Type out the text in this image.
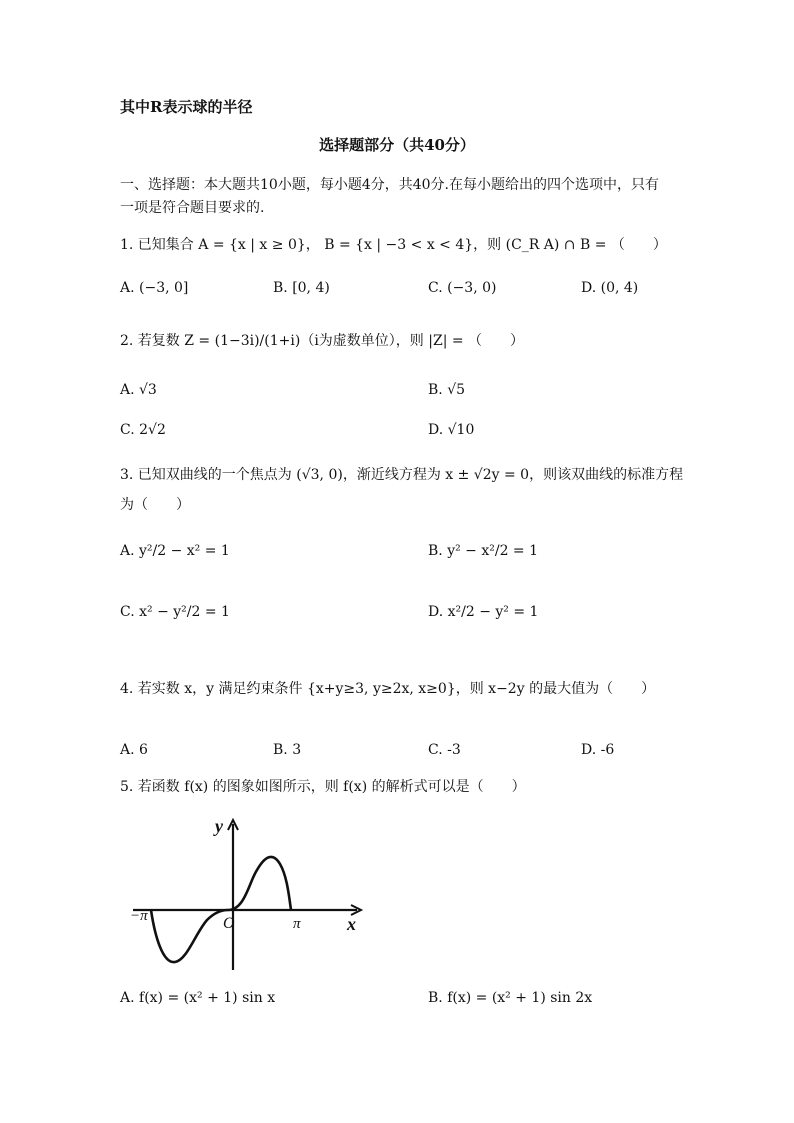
其中R表示球的半径
选择题部分（共40分）
一、选择题：本大题共10小题，每小题4分，共40分.在每小题给出的四个选项中，只有
一项是符合题目要求的.
1. 已知集合 A = {x | x ≥ 0}， B = {x | −3 < x < 4}，则 (C_R A) ∩ B = （　　）
A. (−3, 0]	B. [0, 4)	C. (−3, 0)	D. (0, 4)
2. 若复数 Z = (1−3i)/(1+i)（i为虚数单位），则 |Z| = （　　）
A. √3	B. √5
C. 2√2	D. √10
3. 已知双曲线的一个焦点为 (√3, 0)，渐近线方程为 x ± √2y = 0，则该双曲线的标准方程
为（　　）
A. y²/2 − x² = 1	B. y² − x²/2 = 1
C. x² − y²/2 = 1	D. x²/2 − y² = 1
4. 若实数 x，y 满足约束条件 {x+y≥3, y≥2x, x≥0}，则 x−2y 的最大值为（　　）
A. 6	B. 3	C. -3	D. -6
5. 若函数 f(x) 的图象如图所示，则 f(x) 的解析式可以是（　　）
y
x
O
−π	π
A. f(x) = (x² + 1) sin x	B. f(x) = (x² + 1) sin 2x
